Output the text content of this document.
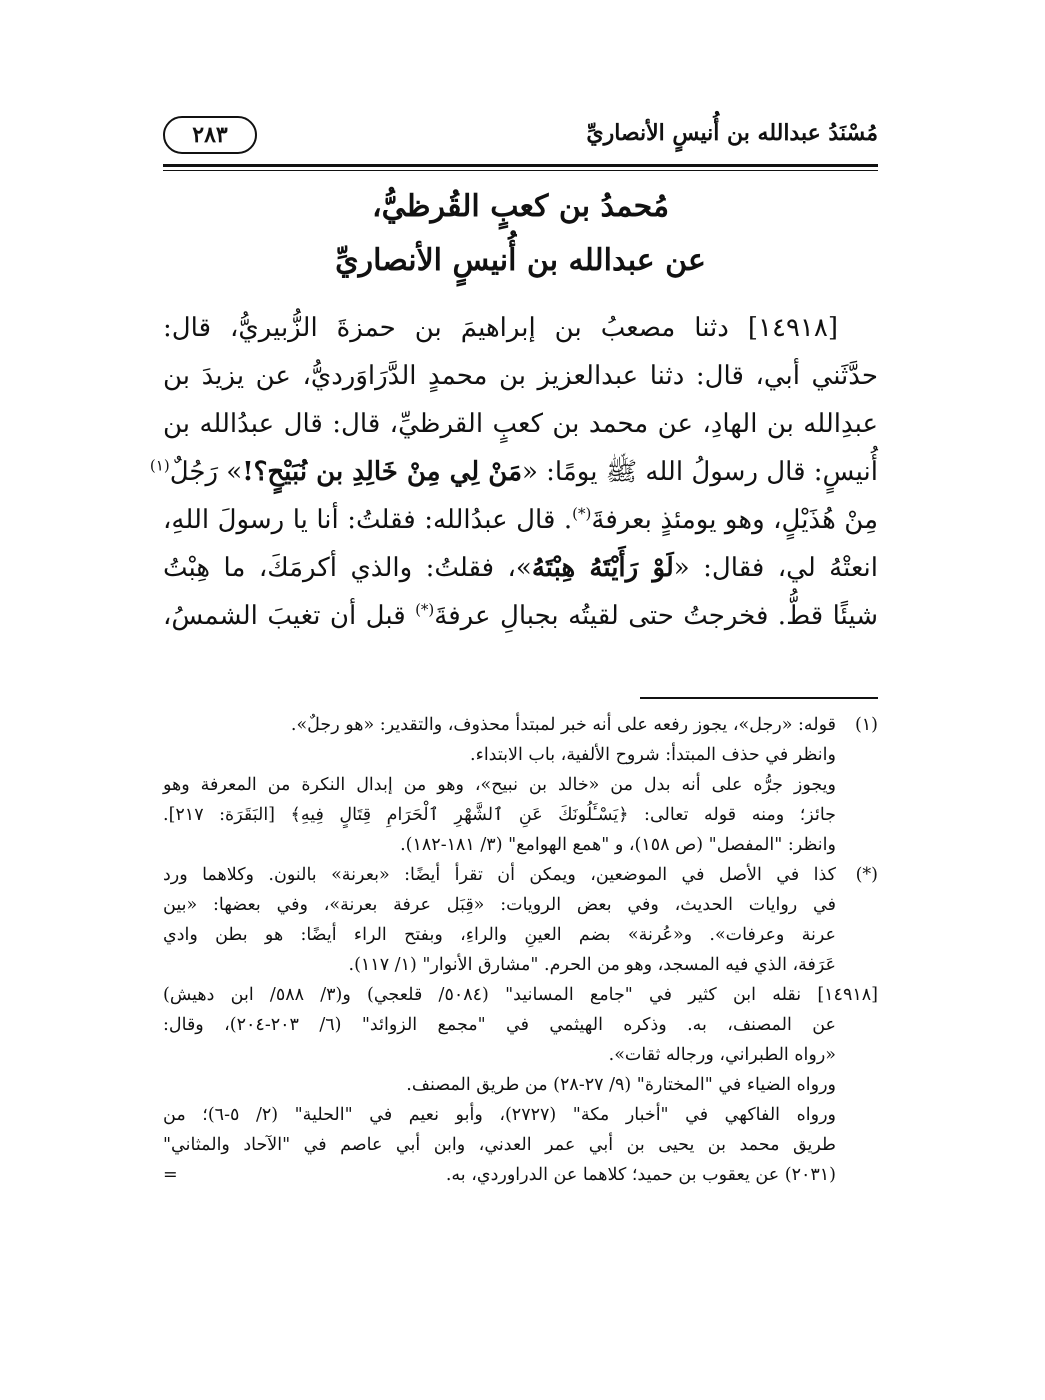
مُسْنَدُ عبدالله بن أُنيسٍ الأنصاريِّ
٢٨٣
مُحمدُ بن كعبٍ القُرظيُّ،
عن عبدالله بن أُنيسٍ الأنصاريِّ
[١٤٩١٨] دثنا مصعبُ بن إبراهيمَ بن حمزةَ الزُّبيريُّ، قال:
حدَّثَني أبي، قال: دثنا عبدالعزيز بن محمدٍ الدَّرَاوَرديُّ، عن يزيدَ بن
عبدِالله بن الهادِ، عن محمد بن كعبٍ القرظيِّ، قال: قال عبدُالله بن
أُنيسٍ: قال رسولُ الله ﷺ يومًا: «مَنْ لِي مِنْ خَالِدِ بن نُبَيْحٍ؟!» رَجُلٌ$^{(١)}$
مِنْ هُذَيْلٍ، وهو يومئذٍ بعرفةَ(*). قال عبدُالله: فقلتُ: أنا يا رسولَ اللهِ،
انعتْهُ لي، فقال: «لَوْ رَأَيْتَهُ هِبْتَهُ»، فقلتُ: والذي أكرمَكَ، ما هِبْتُ
شيئًا قطُّ. فخرجتُ حتى لقيتُه بجبالِ عرفةَ(*) قبل أن تغيبَ الشمسُ،
(١)
قوله: «رجل»، يجوز رفعه على أنه خبر لمبتدأ محذوف، والتقدير: «هو رجلٌ».
وانظر في حذف المبتدأ: شروح الألفية، باب الابتداء.
ويجوز جرُّه على أنه بدل من «خالد بن نبيح»، وهو من إبدال النكرة من المعرفة وهو
جائز؛ ومنه قوله تعالى: ﴿يَسْـَٔلُونَكَ عَنِ ٱلشَّهْرِ ٱلْحَرَامِ قِتَالٍ فِيهِ﴾ [البَقَرَة: ٢١٧].
وانظر: "المفصل" (ص ١٥٨)، و "همع الهوامع" (٣/ ١٨١-١٨٢).
(*)
كذا في الأصل في الموضعين، ويمكن أن تقرأ أيضًا: «بعرنة» بالنون. وكلاهما ورد
في روايات الحديث، وفي بعض الرويات: «قِبَل عرفة بعرنة»، وفي بعضها: «بين
عرنة وعرفات». و«عُرنة» بضم العينِ والراءِ، وبفتح الراء أيضًا: هو بطن وادي
عَرَفة، الذي فيه المسجد، وهو من الحرم. "مشارق الأنوار" (١/ ١١٧).
[١٤٩١٨] نقله ابن كثير في "جامع المسانيد" (٥٠٨٤/ قلعجي) و(٣/ ٥٨٨/ ابن دهيش)
عن المصنف، به. وذكره الهيثمي في "مجمع الزوائد" (٦/ ٢٠٣-٢٠٤)، وقال:
«رواه الطبراني، ورجاله ثقات».
ورواه الضياء في "المختارة" (٩/ ٢٧-٢٨) من طريق المصنف.
ورواه الفاكهي في "أخبار مكة" (٢٧٢٧)، وأبو نعيم في "الحلية" (٢/ ٥-٦)؛ من
طريق محمد بن يحيى بن أبي عمر العدني، وابن أبي عاصم في "الآحاد والمثاني"
(٢٠٣١) عن يعقوب بن حميد؛ كلاهما عن الدراوردي، به.
=
